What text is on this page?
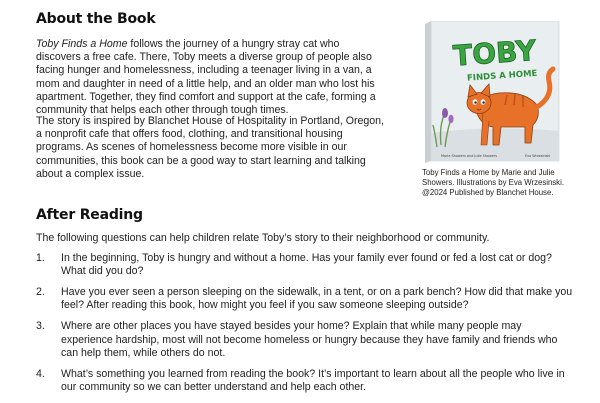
About the Book

Toby Finds a Home follows the journey of a hungry stray cat who discovers a free cafe. There, Toby meets a diverse group of people also facing hunger and homelessness, including a teenager living in a van, a mom and daughter in need of a little help, and an older man who lost his apartment. Together, they find comfort and support at the cafe, forming a community that helps each other through tough times.

The story is inspired by Blanchet House of Hospitality in Portland, Oregon, a nonprofit cafe that offers food, clothing, and transitional housing programs. As scenes of homelessness become more visible in our communities, this book can be a good way to start learning and talking about a complex issue.

TOBY
FINDS A HOME
Marie Showers and Julie Showers	Eva Wrzesinski

Toby Finds a Home by Marie and Julie Showers. Illustrations by Eva Wrzesinski. @2024 Published by Blanchet House.

After Reading

The following questions can help children relate Toby’s story to their neighborhood or community.

1. In the beginning, Toby is hungry and without a home. Has your family ever found or fed a lost cat or dog? What did you do?
2. Have you ever seen a person sleeping on the sidewalk, in a tent, or on a park bench? How did that make you feel? After reading this book, how might you feel if you saw someone sleeping outside?
3. Where are other places you have stayed besides your home? Explain that while many people may experience hardship, most will not become homeless or hungry because they have family and friends who can help them, while others do not.
4. What’s something you learned from reading the book? It’s important to learn about all the people who live in our community so we can better understand and help each other.
